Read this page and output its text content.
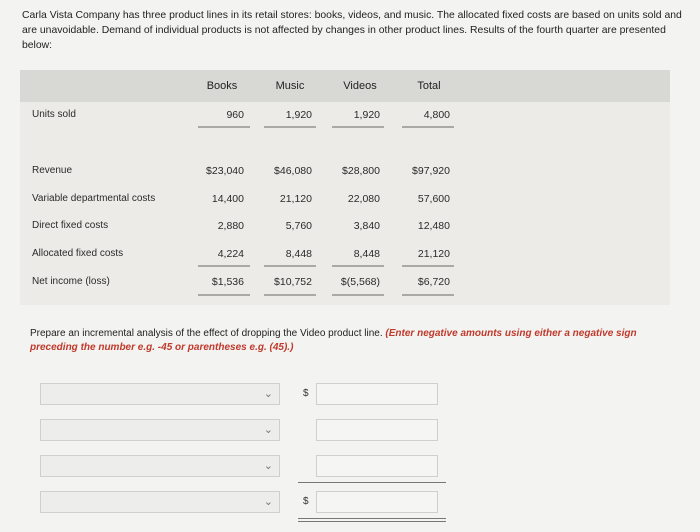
Carla Vista Company has three product lines in its retail stores: books, videos, and music. The allocated fixed costs are based on units sold and are unavoidable. Demand of individual products is not affected by changes in other product lines. Results of the fourth quarter are presented below:
Books	Music	Videos	Total
Units sold	960	1,920	1,920	4,800
Revenue	$23,040	$46,080	$28,800	$97,920
Variable departmental costs	14,400	21,120	22,080	57,600
Direct fixed costs	2,880	5,760	3,840	12,480
Allocated fixed costs	4,224	8,448	8,448	21,120
Net income (loss)	$1,536	$10,752	$(5,568)	$6,720
Prepare an incremental analysis of the effect of dropping the Video product line. (Enter negative amounts using either a negative sign preceding the number e.g. -45 or parentheses e.g. (45).)
⌄	$
⌄
⌄
⌄	$
